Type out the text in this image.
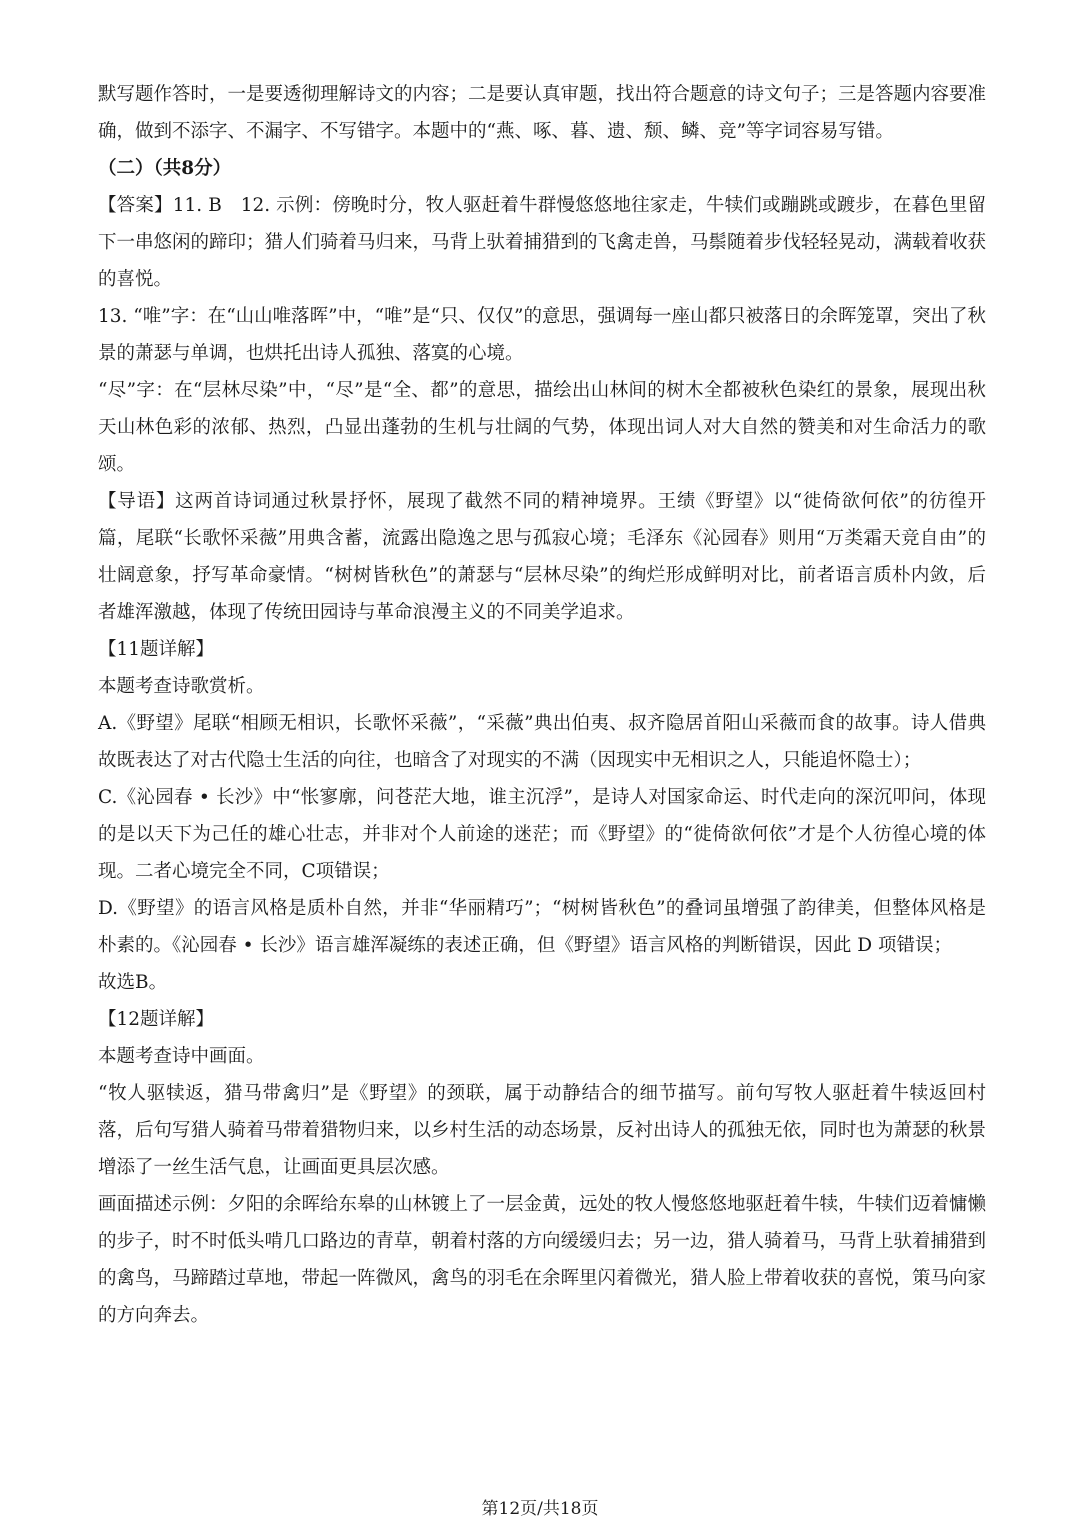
默写题作答时，一是要透彻理解诗文的内容；二是要认真审题，找出符合题意的诗文句子；三是答题内容要准确，做到不添字、不漏字、不写错字。本题中的“燕、啄、暮、遗、颓、鳞、竞”等字词容易写错。

（二）（共8分）

【答案】11. B　12. 示例：傍晚时分，牧人驱赶着牛群慢悠悠地往家走，牛犊们或蹦跳或踱步，在暮色里留下一串悠闲的蹄印；猎人们骑着马归来，马背上驮着捕猎到的飞禽走兽，马鬃随着步伐轻轻晃动，满载着收获的喜悦。

13. “唯”字：在“山山唯落晖”中，“唯”是“只、仅仅”的意思，强调每一座山都只被落日的余晖笼罩，突出了秋景的萧瑟与单调，也烘托出诗人孤独、落寞的心境。

“尽”字：在“层林尽染”中，“尽”是“全、都”的意思，描绘出山林间的树木全都被秋色染红的景象，展现出秋天山林色彩的浓郁、热烈，凸显出蓬勃的生机与壮阔的气势，体现出词人对大自然的赞美和对生命活力的歌颂。

【导语】这两首诗词通过秋景抒怀，展现了截然不同的精神境界。王绩《野望》以“徙倚欲何依”的彷徨开篇，尾联“长歌怀采薇”用典含蓄，流露出隐逸之思与孤寂心境；毛泽东《沁园春》则用“万类霜天竞自由”的壮阔意象，抒写革命豪情。“树树皆秋色”的萧瑟与“层林尽染”的绚烂形成鲜明对比，前者语言质朴内敛，后者雄浑激越，体现了传统田园诗与革命浪漫主义的不同美学追求。

【11题详解】

本题考查诗歌赏析。

A.《野望》尾联“相顾无相识，长歌怀采薇”，“采薇”典出伯夷、叔齐隐居首阳山采薇而食的故事。诗人借典故既表达了对古代隐士生活的向往，也暗含了对现实的不满（因现实中无相识之人，只能追怀隐士）；

C.《沁园春 • 长沙》中“怅寥廓，问苍茫大地，谁主沉浮”，是诗人对国家命运、时代走向的深沉叩问，体现的是以天下为己任的雄心壮志，并非对个人前途的迷茫；而《野望》的“徙倚欲何依”才是个人彷徨心境的体现。二者心境完全不同，C项错误；

D.《野望》的语言风格是质朴自然，并非“华丽精巧”；“树树皆秋色”的叠词虽增强了韵律美，但整体风格是朴素的。《沁园春 • 长沙》语言雄浑凝练的表述正确，但《野望》语言风格的判断错误，因此 D 项错误；

故选B。

【12题详解】

本题考查诗中画面。

“牧人驱犊返，猎马带禽归”是《野望》的颈联，属于动静结合的细节描写。前句写牧人驱赶着牛犊返回村落，后句写猎人骑着马带着猎物归来，以乡村生活的动态场景，反衬出诗人的孤独无依，同时也为萧瑟的秋景增添了一丝生活气息，让画面更具层次感。

画面描述示例：夕阳的余晖给东皋的山林镀上了一层金黄，远处的牧人慢悠悠地驱赶着牛犊，牛犊们迈着慵懒的步子，时不时低头啃几口路边的青草，朝着村落的方向缓缓归去；另一边，猎人骑着马，马背上驮着捕猎到的禽鸟，马蹄踏过草地，带起一阵微风，禽鸟的羽毛在余晖里闪着微光，猎人脸上带着收获的喜悦，策马向家的方向奔去。

第12页/共18页
